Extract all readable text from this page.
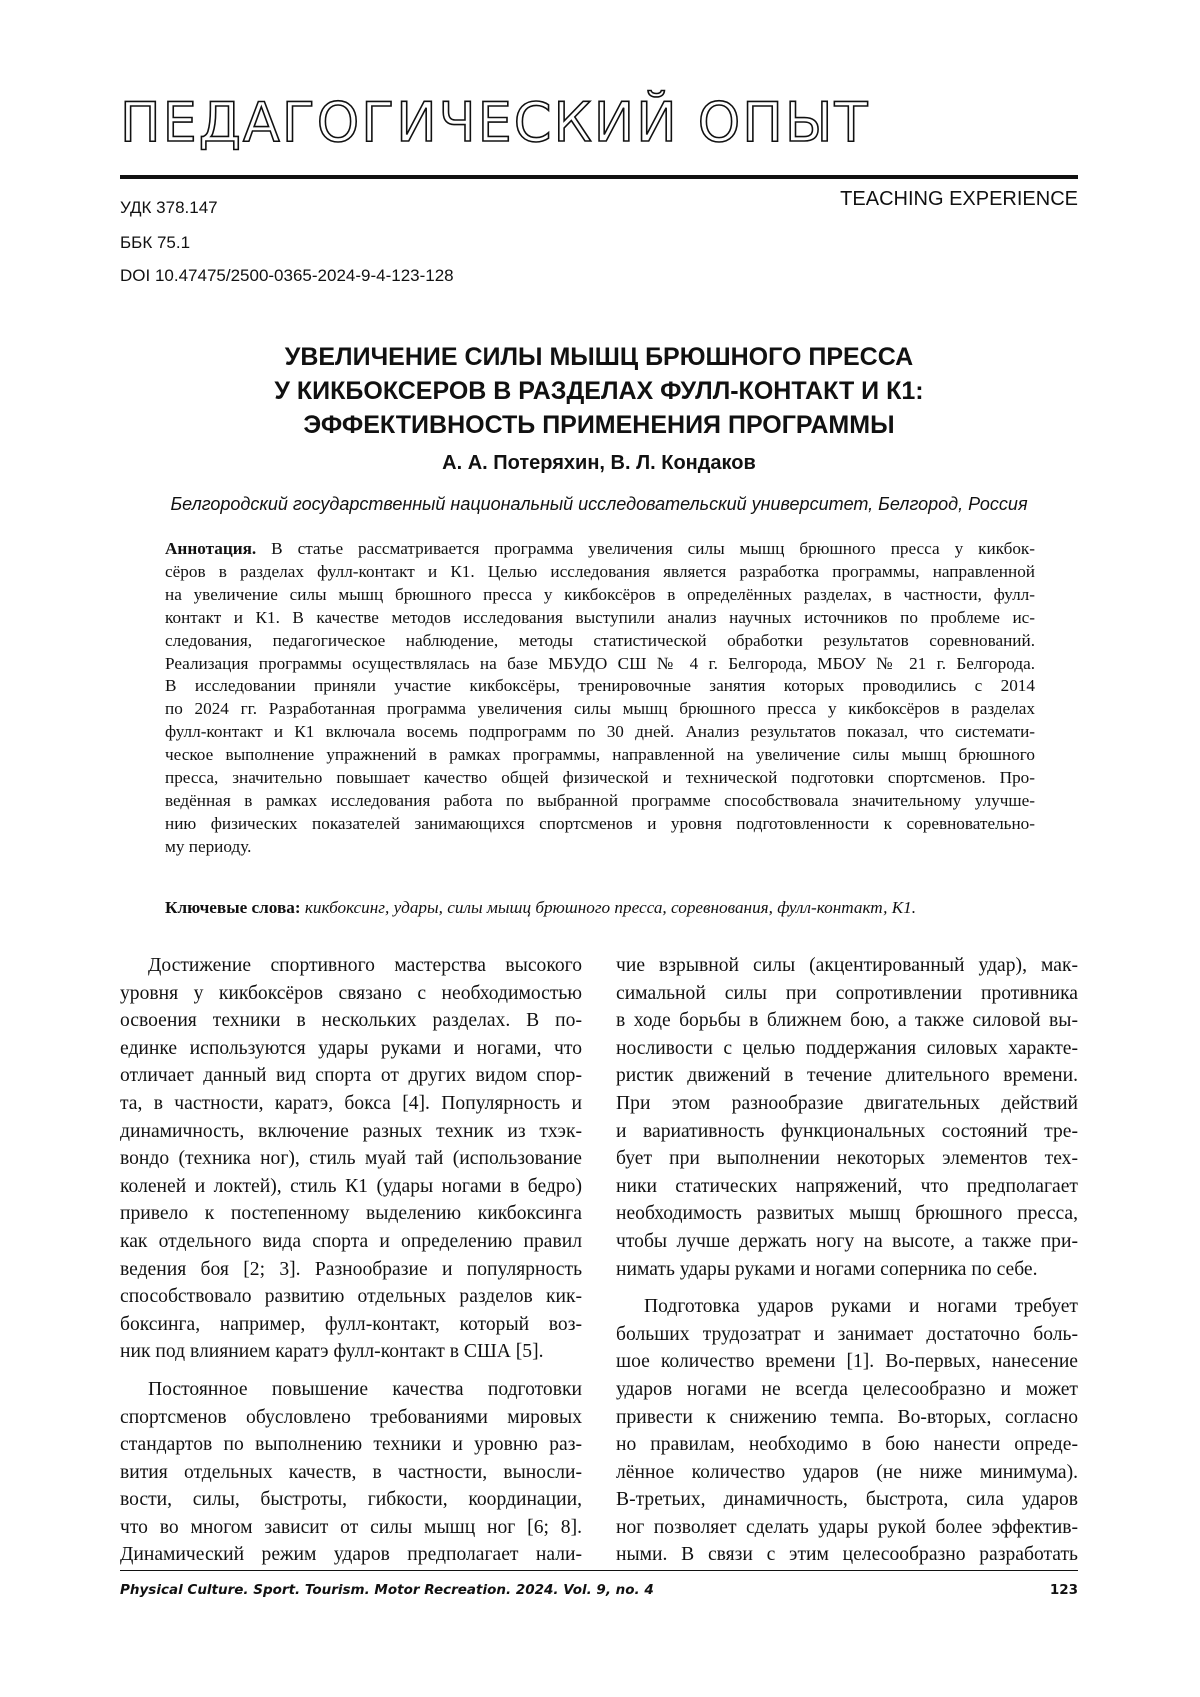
ПЕДАГОГИЧЕСКИЙ ОПЫТ
TEACHING EXPERIENCE
УДК 378.147
ББК 75.1
DOI 10.47475/2500-0365-2024-9-4-123-128
УВЕЛИЧЕНИЕ СИЛЫ МЫШЦ БРЮШНОГО ПРЕССА
У КИКБОКСЕРОВ В РАЗДЕЛАХ ФУЛЛ-КОНТАКТ И К1:
ЭФФЕКТИВНОСТЬ ПРИМЕНЕНИЯ ПРОГРАММЫ
А. А. Потеряхин, В. Л. Кондаков
Белгородский государственный национальный исследовательский университет, Белгород, Россия
Аннотация. В статье рассматривается программа увеличения силы мышц брюшного пресса у кикбок-
сёров в разделах фулл-контакт и К1. Целью исследования является разработка программы, направленной
на увеличение силы мышц брюшного пресса у кикбоксёров в определённых разделах, в частности, фулл-
контакт и К1. В качестве методов исследования выступили анализ научных источников по проблеме ис-
следования, педагогическое наблюдение, методы статистической обработки результатов соревнований.
Реализация программы осуществлялась на базе МБУДО СШ № 4 г. Белгорода, МБОУ № 21 г. Белгорода.
В исследовании приняли участие кикбоксёры, тренировочные занятия которых проводились с 2014
по 2024 гг. Разработанная программа увеличения силы мышц брюшного пресса у кикбоксёров в разделах
фулл-контакт и К1 включала восемь подпрограмм по 30 дней. Анализ результатов показал, что системати-
ческое выполнение упражнений в рамках программы, направленной на увеличение силы мышц брюшного
пресса, значительно повышает качество общей физической и технической подготовки спортсменов. Про-
ведённая в рамках исследования работа по выбранной программе способствовала значительному улучше-
нию физических показателей занимающихся спортсменов и уровня подготовленности к соревновательно-
му периоду.
Ключевые слова: кикбоксинг, удары, силы мышц брюшного пресса, соревнования, фулл-контакт, К1.
Достижение спортивного мастерства высокого
уровня у кикбоксёров связано с необходимостью
освоения техники в нескольких разделах. В по-
единке используются удары руками и ногами, что
отличает данный вид спорта от других видом спор-
та, в частности, каратэ, бокса [4]. Популярность и
динамичность, включение разных техник из тхэк-
вондо (техника ног), стиль муай тай (использование
коленей и локтей), стиль К1 (удары ногами в бедро)
привело к постепенному выделению кикбоксинга
как отдельного вида спорта и определению правил
ведения боя [2; 3]. Разнообразие и популярность
способствовало развитию отдельных разделов кик-
боксинга, например, фулл-контакт, который воз-
ник под влиянием каратэ фулл-контакт в США [5].
Постоянное повышение качества подготовки
спортсменов обусловлено требованиями мировых
стандартов по выполнению техники и уровню раз-
вития отдельных качеств, в частности, выносли-
вости, силы, быстроты, гибкости, координации,
что во многом зависит от силы мышц ног [6; 8].
Динамический режим ударов предполагает нали-
чие взрывной силы (акцентированный удар), мак-
симальной силы при сопротивлении противника
в ходе борьбы в ближнем бою, а также силовой вы-
носливости с целью поддержания силовых характе-
ристик движений в течение длительного времени.
При этом разнообразие двигательных действий
и вариативность функциональных состояний тре-
бует при выполнении некоторых элементов тех-
ники статических напряжений, что предполагает
необходимость развитых мышц брюшного пресса,
чтобы лучше держать ногу на высоте, а также при-
нимать удары руками и ногами соперника по себе.
Подготовка ударов руками и ногами требует
больших трудозатрат и занимает достаточно боль-
шое количество времени [1]. Во-первых, нанесение
ударов ногами не всегда целесообразно и может
привести к снижению темпа. Во-вторых, согласно
но правилам, необходимо в бою нанести опреде-
лённое количество ударов (не ниже минимума).
В-третьих, динамичность, быстрота, сила ударов
ног позволяет сделать удары рукой более эффектив-
ными. В связи с этим целесообразно разработать
Physical Culture. Sport. Tourism. Motor Recreation. 2024. Vol. 9, no. 4	123
